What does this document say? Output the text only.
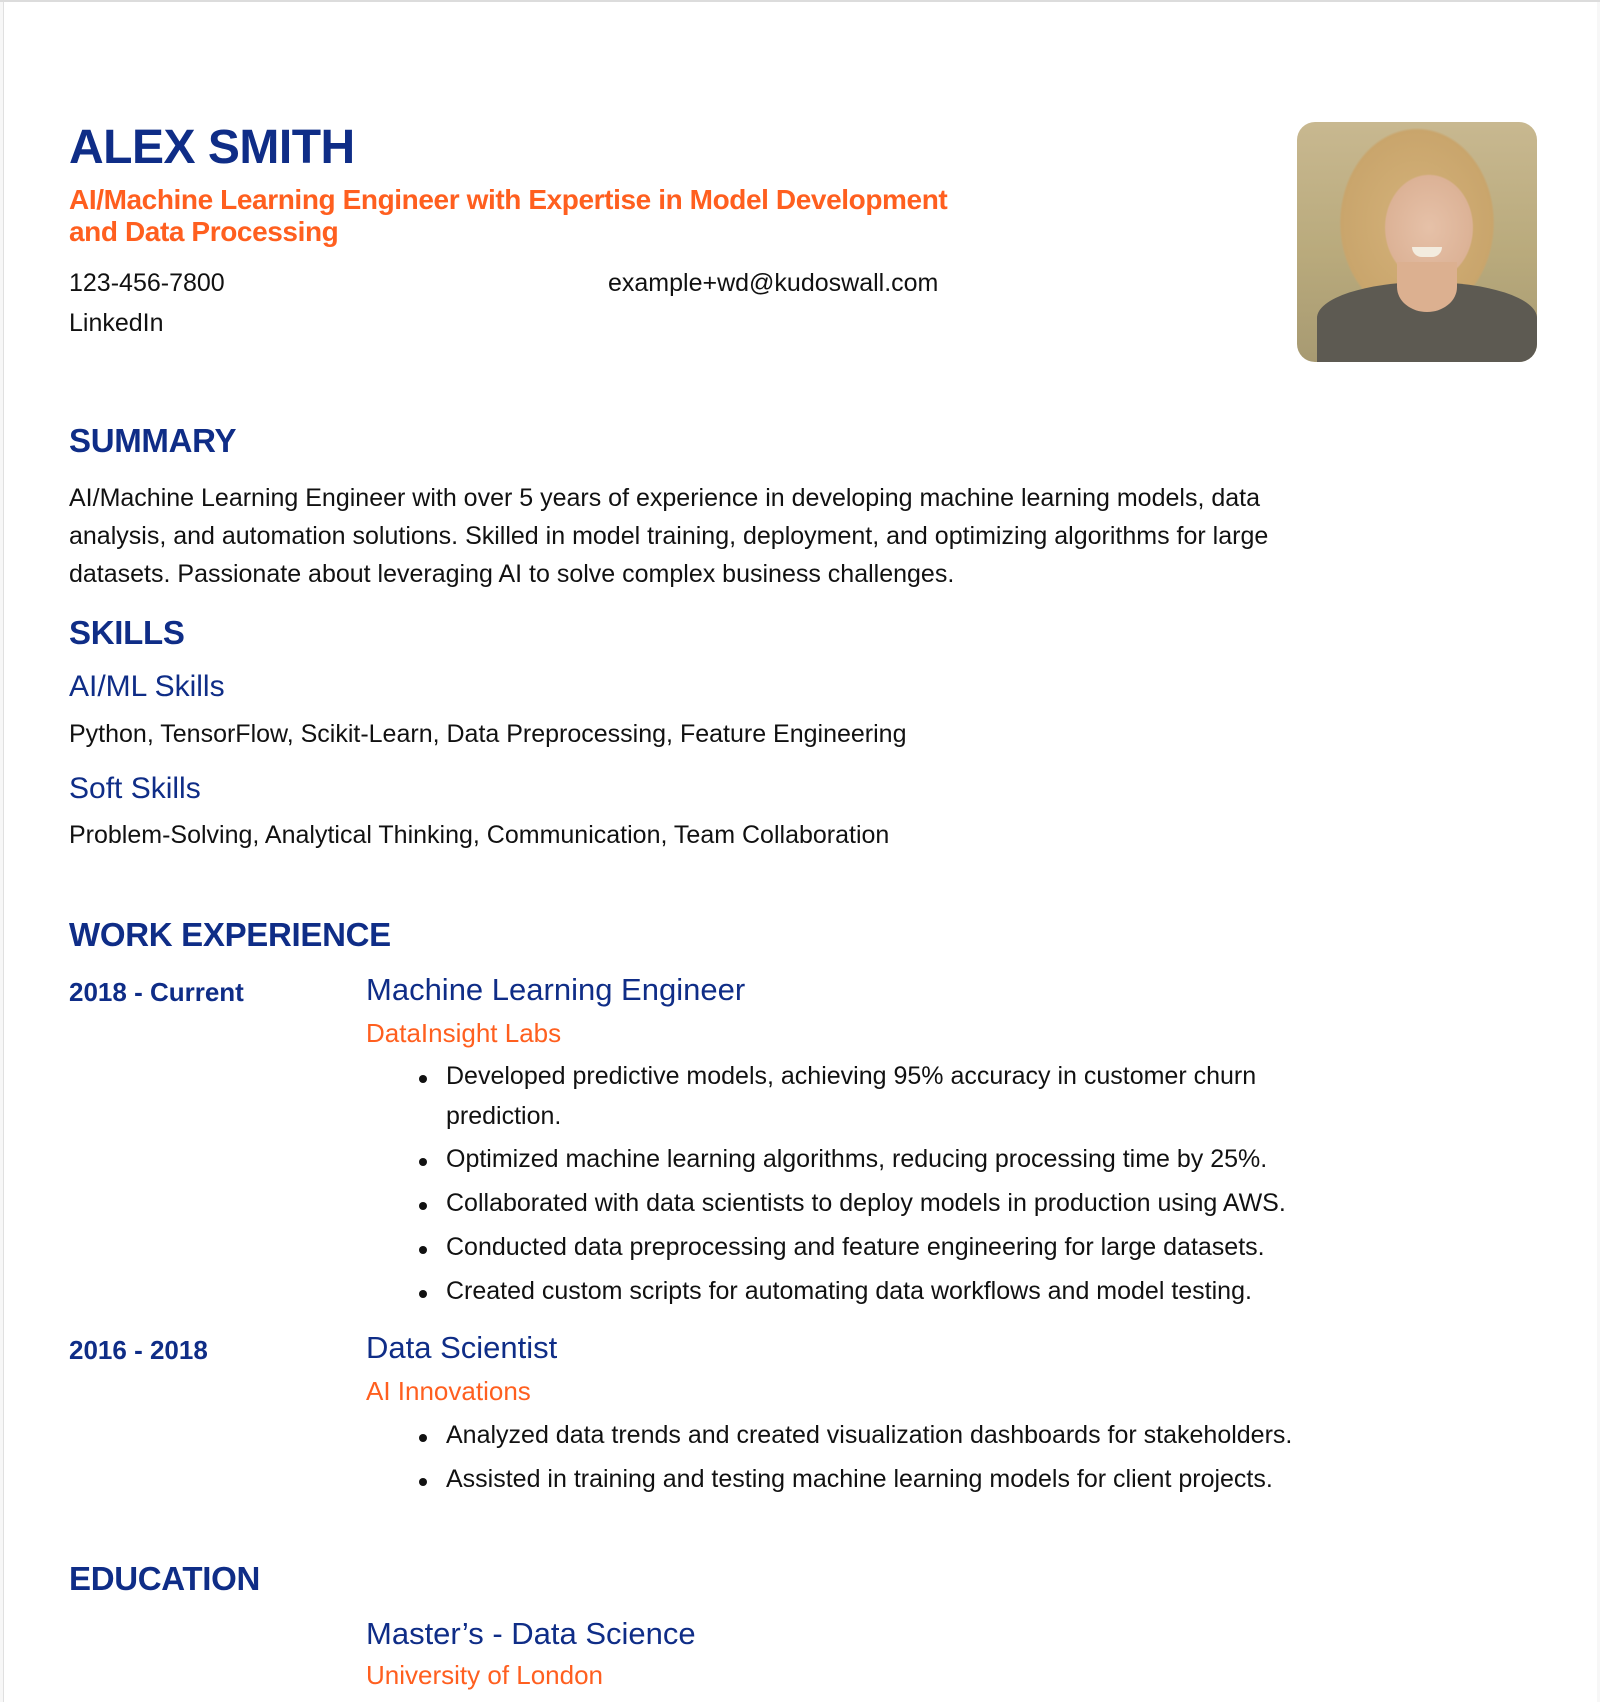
ALEX SMITH
AI/Machine Learning Engineer with Expertise in Model Development
and Data Processing
123-456-7800	example+wd@kudoswall.com
LinkedIn
SUMMARY
AI/Machine Learning Engineer with over 5 years of experience in developing machine learning models, data
analysis, and automation solutions. Skilled in model training, deployment, and optimizing algorithms for large
datasets. Passionate about leveraging AI to solve complex business challenges.
SKILLS
AI/ML Skills
Python, TensorFlow, Scikit-Learn, Data Preprocessing, Feature Engineering
Soft Skills
Problem-Solving, Analytical Thinking, Communication, Team Collaboration
WORK EXPERIENCE
2018 - Current	Machine Learning Engineer
DataInsight Labs
Developed predictive models, achieving 95% accuracy in customer churn
prediction.
Optimized machine learning algorithms, reducing processing time by 25%.
Collaborated with data scientists to deploy models in production using AWS.
Conducted data preprocessing and feature engineering for large datasets.
Created custom scripts for automating data workflows and model testing.
2016 - 2018	Data Scientist
AI Innovations
Analyzed data trends and created visualization dashboards for stakeholders.
Assisted in training and testing machine learning models for client projects.
EDUCATION
Master’s - Data Science
University of London
